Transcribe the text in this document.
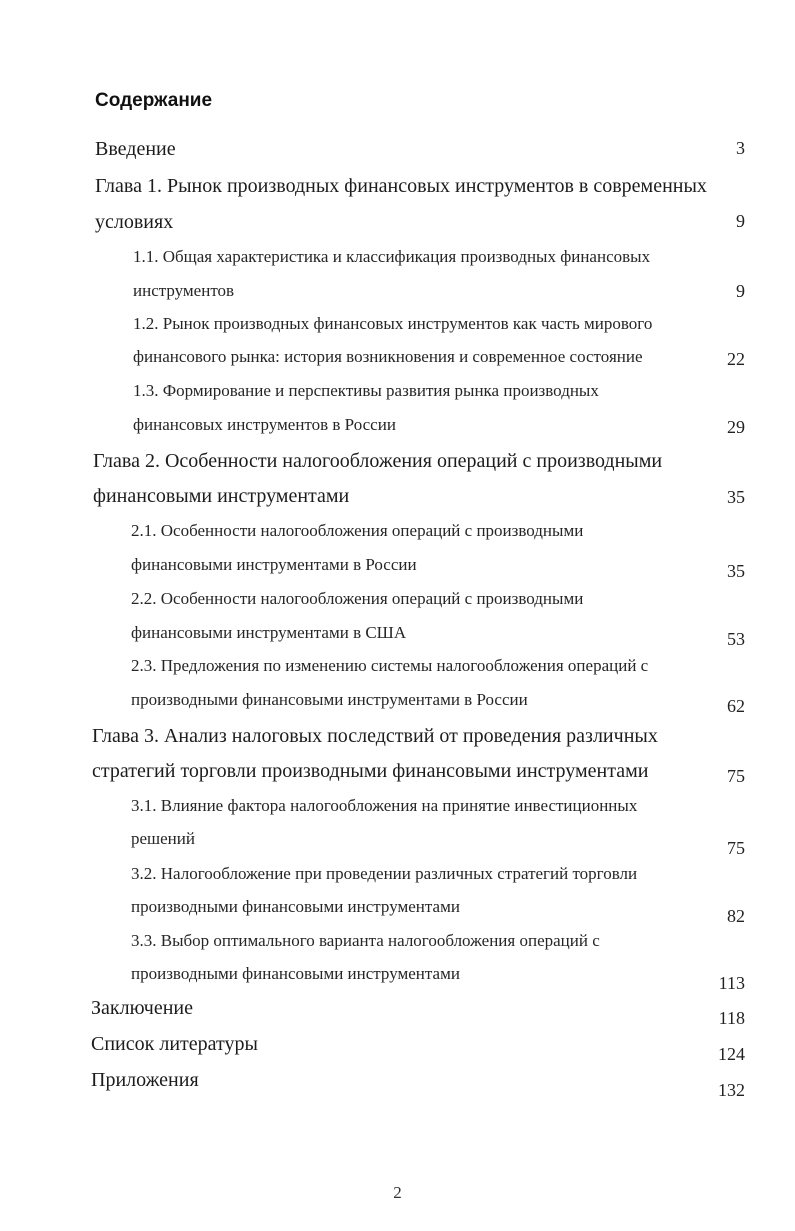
Содержание
Введение	3
Глава 1. Рынок производных финансовых инструментов в современных
условиях	9
1.1. Общая характеристика и классификация производных финансовых
инструментов	9
1.2. Рынок производных финансовых инструментов как часть мирового
финансового рынка: история возникновения и современное состояние	22
1.3. Формирование и перспективы развития рынка производных
финансовых инструментов в России	29
Глава 2. Особенности налогообложения операций с производными
финансовыми инструментами	35
2.1. Особенности налогообложения операций с производными
финансовыми инструментами в России	35
2.2. Особенности налогообложения операций с производными
финансовыми инструментами в США	53
2.3. Предложения по изменению системы налогообложения операций с
производными финансовыми инструментами в России	62
Глава 3. Анализ налоговых последствий от проведения различных
стратегий торговли производными финансовыми инструментами	75
3.1. Влияние фактора налогообложения на принятие инвестиционных
решений	75
3.2. Налогообложение при проведении различных стратегий торговли
производными финансовыми инструментами	82
3.3. Выбор оптимального варианта налогообложения операций с
производными финансовыми инструментами	113
Заключение	118
Список литературы	124
Приложения	132
2
